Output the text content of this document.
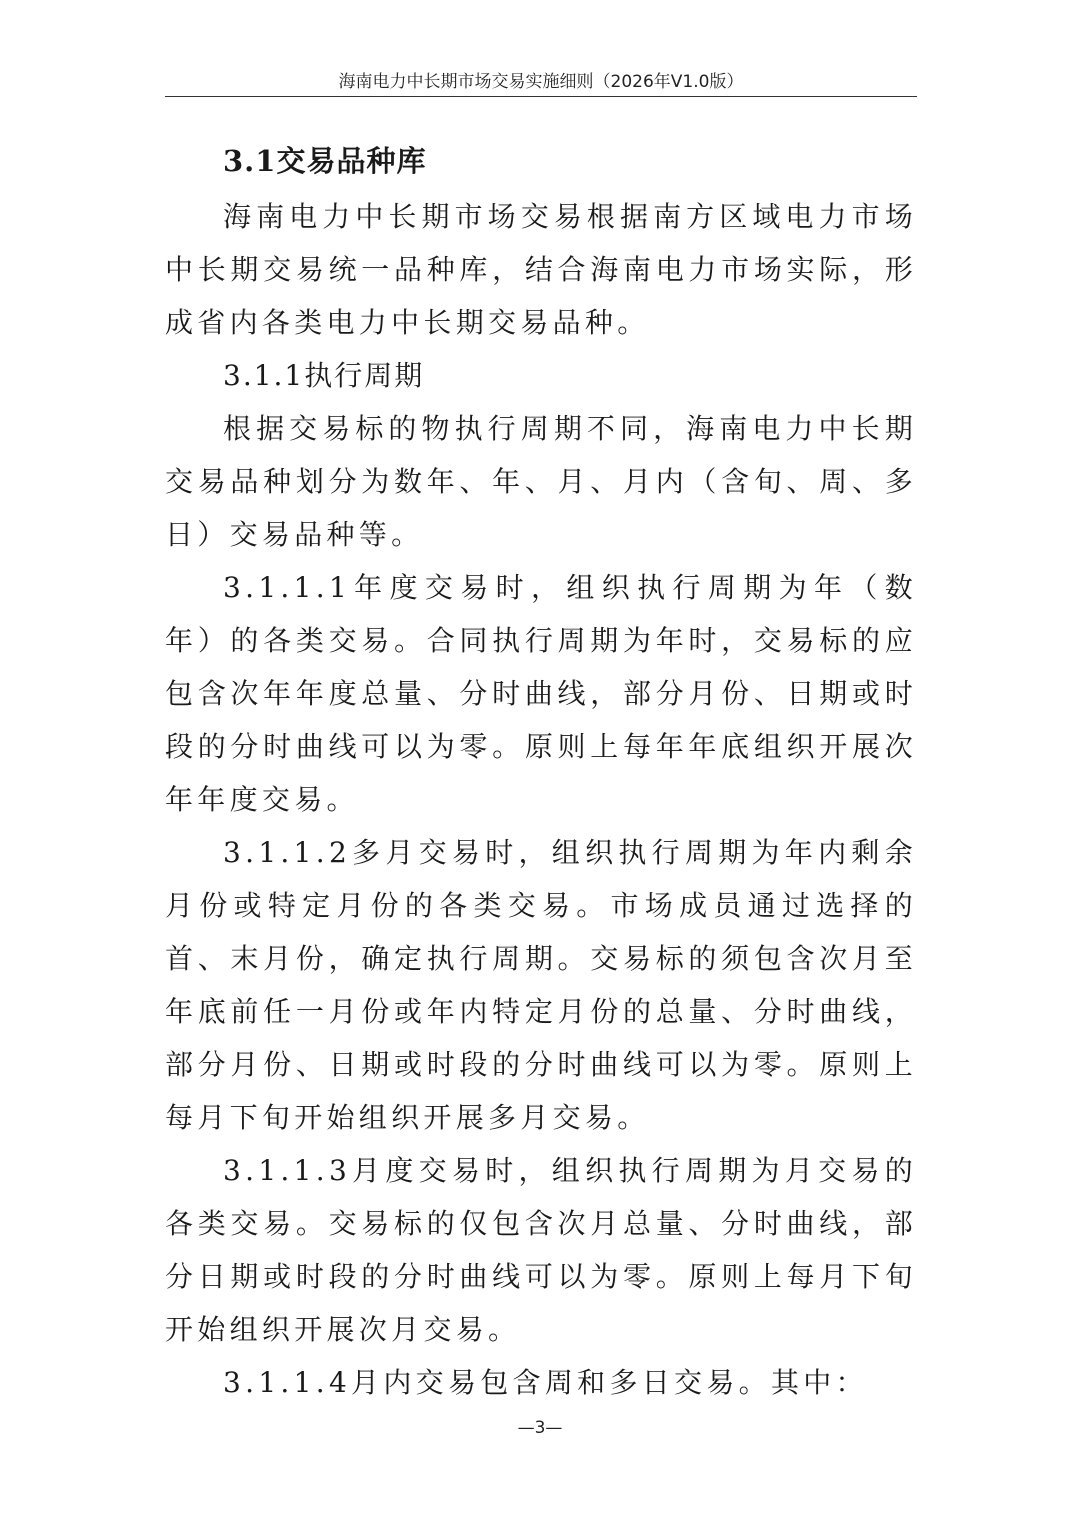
海南电力中长期市场交易实施细则（2026年V1.0版）
3.1交易品种库

海南电力中长期市场交易根据南方区域电力市场中长期交易统一品种库，结合海南电力市场实际，形成省内各类电力中长期交易品种。

3.1.1执行周期

根据交易标的物执行周期不同，海南电力中长期交易品种划分为数年、年、月、月内（含旬、周、多日）交易品种等。

3.1.1.1年度交易时，组织执行周期为年（数年）的各类交易。合同执行周期为年时，交易标的应包含次年年度总量、分时曲线，部分月份、日期或时段的分时曲线可以为零。原则上每年年底组织开展次年年度交易。

3.1.1.2多月交易时，组织执行周期为年内剩余月份或特定月份的各类交易。市场成员通过选择的首、末月份，确定执行周期。交易标的须包含次月至年底前任一月份或年内特定月份的总量、分时曲线，部分月份、日期或时段的分时曲线可以为零。原则上每月下旬开始组织开展多月交易。

3.1.1.3月度交易时，组织执行周期为月交易的各类交易。交易标的仅包含次月总量、分时曲线，部分日期或时段的分时曲线可以为零。原则上每月下旬开始组织开展次月交易。

3.1.1.4月内交易包含周和多日交易。其中：

—3—
